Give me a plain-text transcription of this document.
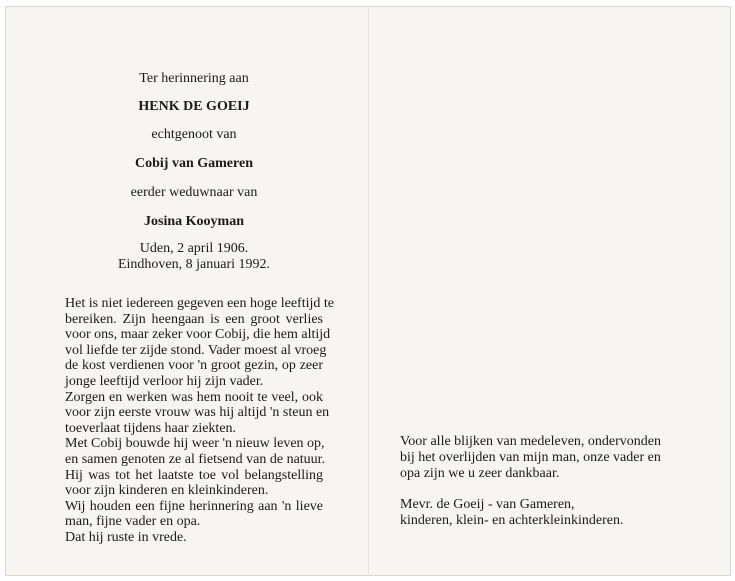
Ter herinnering aan
HENK DE GOEIJ
echtgenoot van
Cobij van Gameren
eerder weduwnaar van
Josina Kooyman
Uden, 2 april 1906.
Eindhoven, 8 januari 1992.
Het is niet iedereen gegeven een hoge leeftijd te
bereiken. Zijn heengaan is een groot verlies
voor ons, maar zeker voor Cobij, die hem altijd
vol liefde ter zijde stond. Vader moest al vroeg
de kost verdienen voor 'n groot gezin, op zeer
jonge leeftijd verloor hij zijn vader.
Zorgen en werken was hem nooit te veel, ook
voor zijn eerste vrouw was hij altijd 'n steun en
toeverlaat tijdens haar ziekten.
Met Cobij bouwde hij weer 'n nieuw leven op,
en samen genoten ze al fietsend van de natuur.
Hij was tot het laatste toe vol belangstelling
voor zijn kinderen en kleinkinderen.
Wij houden een fijne herinnering aan 'n lieve
man, fijne vader en opa.
Dat hij ruste in vrede.
Voor alle blijken van medeleven, ondervonden
bij het overlijden van mijn man, onze vader en
opa zijn we u zeer dankbaar.
Mevr. de Goeij - van Gameren,
kinderen, klein- en achterkleinkinderen.
